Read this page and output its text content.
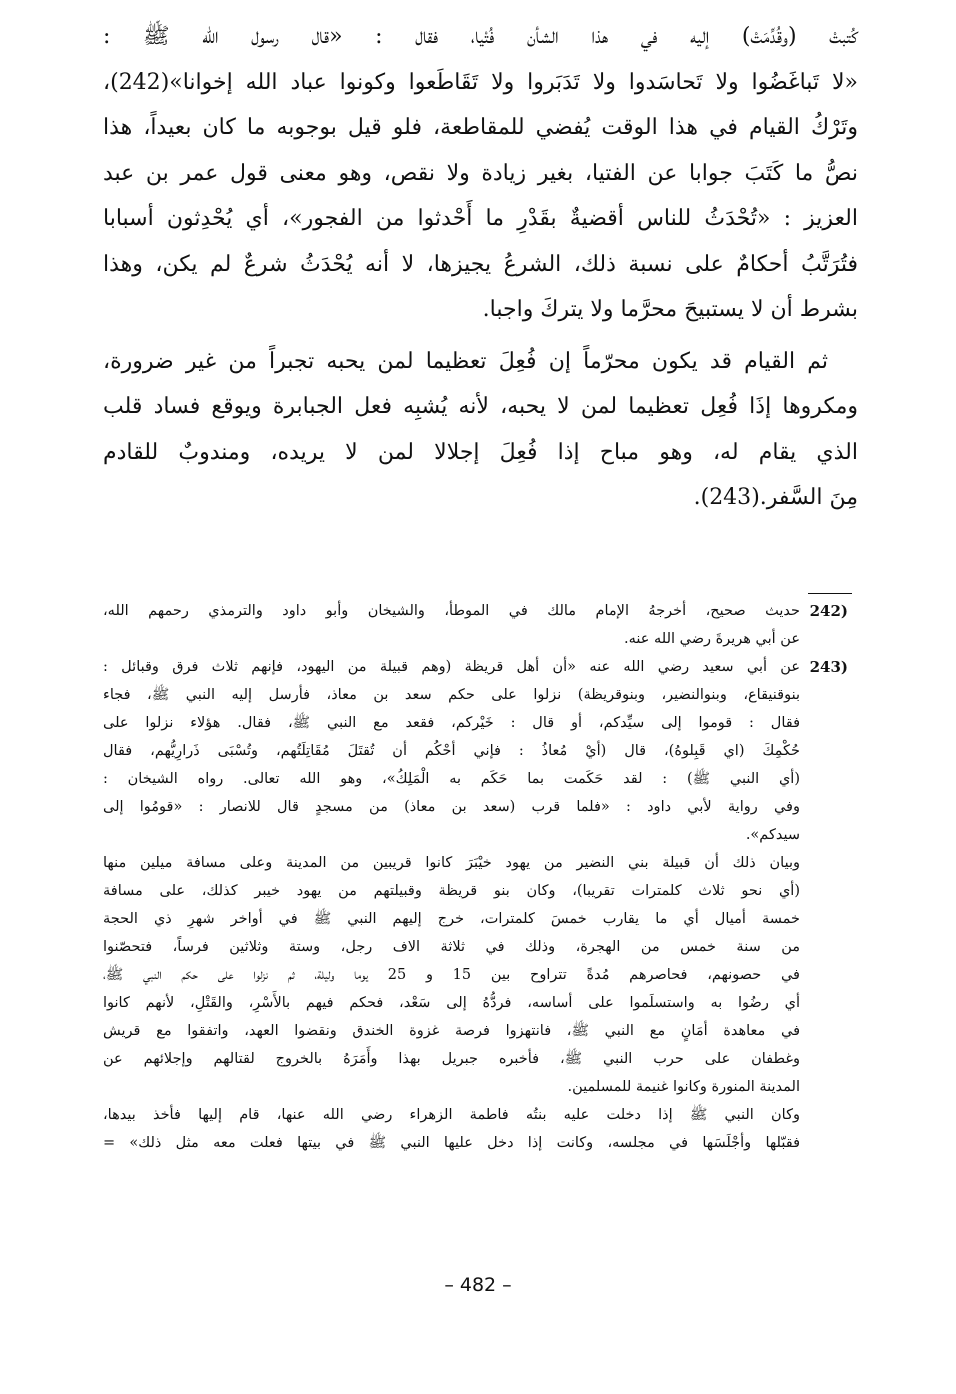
كُتبتْ (وقُدِّمَتْ) إليه في هذا الشأن فُتْيا، فقال : «قال رسول الله ﷺ :
«لا تَباغَضُوا ولا تَحاسَدوا ولا تَدَبَروا ولا تَقَاطَعوا وكونوا عباد الله إخوانا»(242)،
وتَرْكُ القيام في هذا الوقت يُفضي للمقاطعة، فلو قيل بوجوبه ما كان بعيداً، هذا
نصُّ ما كَتَبَ جوابا عن الفتيا، بغير زيادة ولا نقص، وهو معنى قول عمر بن عبد
العزيز : «تُحْدَثُ للناس أقضيةٌ بقَدْرِ ما أَحْدثوا من الفجور»، أي يُحْدِثون أسبابا
فتُرَتَّبُ أحكامٌ على نسبة ذلك، الشرعُ يجيزها، لا أنه يُحْدَثُ شرعٌ لم يكن، وهذا
بشرط أن لا يستبيحَ محرَّما ولا يتركَ واجبا.
ثم القيام قد يكون محرّماً إن فُعِلَ تعظيما لمن يحبه تجبراً من غير ضرورة،
ومكروها إذَا فُعِل تعظيما لمن لا يحبه، لأنه يُشبِه فعل الجبابرة ويوقع فساد قلب
الذي يقام له، وهو مباح إذا فُعِلَ إجلالا لمن لا يريده، ومندوبٌ للقادم
مِنَ السَّفر.(243).
(242
حديث صحيح، أخرجهُ الإمام مالك في الموطأ، والشيخان وأبو داود والترمذي رحمهم الله،
عن أبي هريرةَ رضي الله عنه.
(243
عن أبي سعيد رضي الله عنه «أن أهل قريظة (وهم قبيلة من اليهود، فإنهم ثلاث فرق وقبائل :
بنوقنيقاع، وبنوالنضير، وبنوقريظة) نزلوا على حكم سعد بن معاذ، فأرسل إليه النبي ﷺ، فجاء
فقال : قوموا إلى سيِّدكم، أو قال : خَيْركم، فقعد مع النبي ﷺ، فقال. هؤلاء نزلوا على
حُكْمِكَ (اي قَبِلوهُ)، قال (أيْ مُعاذُ : فإني أحْكُم أن تُقتَلَ مُقَاتِلَتُهم، وتُسْبَى ذَرارِيُّهم، فقال
(أي النبي ﷺ) : لقد حَكَمت بما حَكَم به الْمَلِكُ»، وهو الله تعالى. رواه الشيخان :
وفي رواية لأبي داود : «فلما قرب (سعد بن معاذ) من مسجدٍ قال للانصار : «قومُوا إلى
سيدكم».
وبيان ذلك أن قبيلة بني النضير من يهود خيْبَرَ كانوا قريبين من المدينة وعلى مسافة ميلين منها
(أي نحو ثلاث كلمترات تقريبا)، وكان بنو قريظة وقبيلتهم من يهود خيبر كذلك، على مسافة
خمسة أميال أي ما يقارب خمسَ كلمترات، خرج إليهم النبي ﷺ في أواخر شهرِ ذي الحجة
من سنة خمس من الهجرة، وذلك في ثلاثة الاف رجل، وستة وثلاثين فرساً، فتحصّنوا
في حصونهم، فحاصرهم مُدةً تتراوح بين 15 و 25 يوما وليلة، ثم نزلوا على حكم النبي ﷺ،
أي رضُوا به واستسلَموا على أساسه، فردُّهُ إلى سَعْد، فحكم فيهم بالأَسْرِ، والقَتْلِ، لأنهم كانوا
في معاهدة أمَانٍ مع النبي ﷺ، فانتهزوا فرصة غزوة الخندق ونقضوا العهد، واتفقوا مع قريش
وغطفان على حرب النبي ﷺ، فأخبره جبريل بهذا وأَمَرَهُ بالخروج لقتالهم وإجلائهم عن
المدينة المنورة وكانوا غنيمة للمسلمين.
وكان النبي ﷺ إذا دخلت عليه بنتُه فاطمة الزهراء رضي الله عنها، قام إليها فأخذ بيدها،
فقبّلها وأجْلَسَها في مجلسه، وكانت إذا دخل عليها النبي ﷺ في بيتها فعلت معه مثل ذلك» =
– 482 –
